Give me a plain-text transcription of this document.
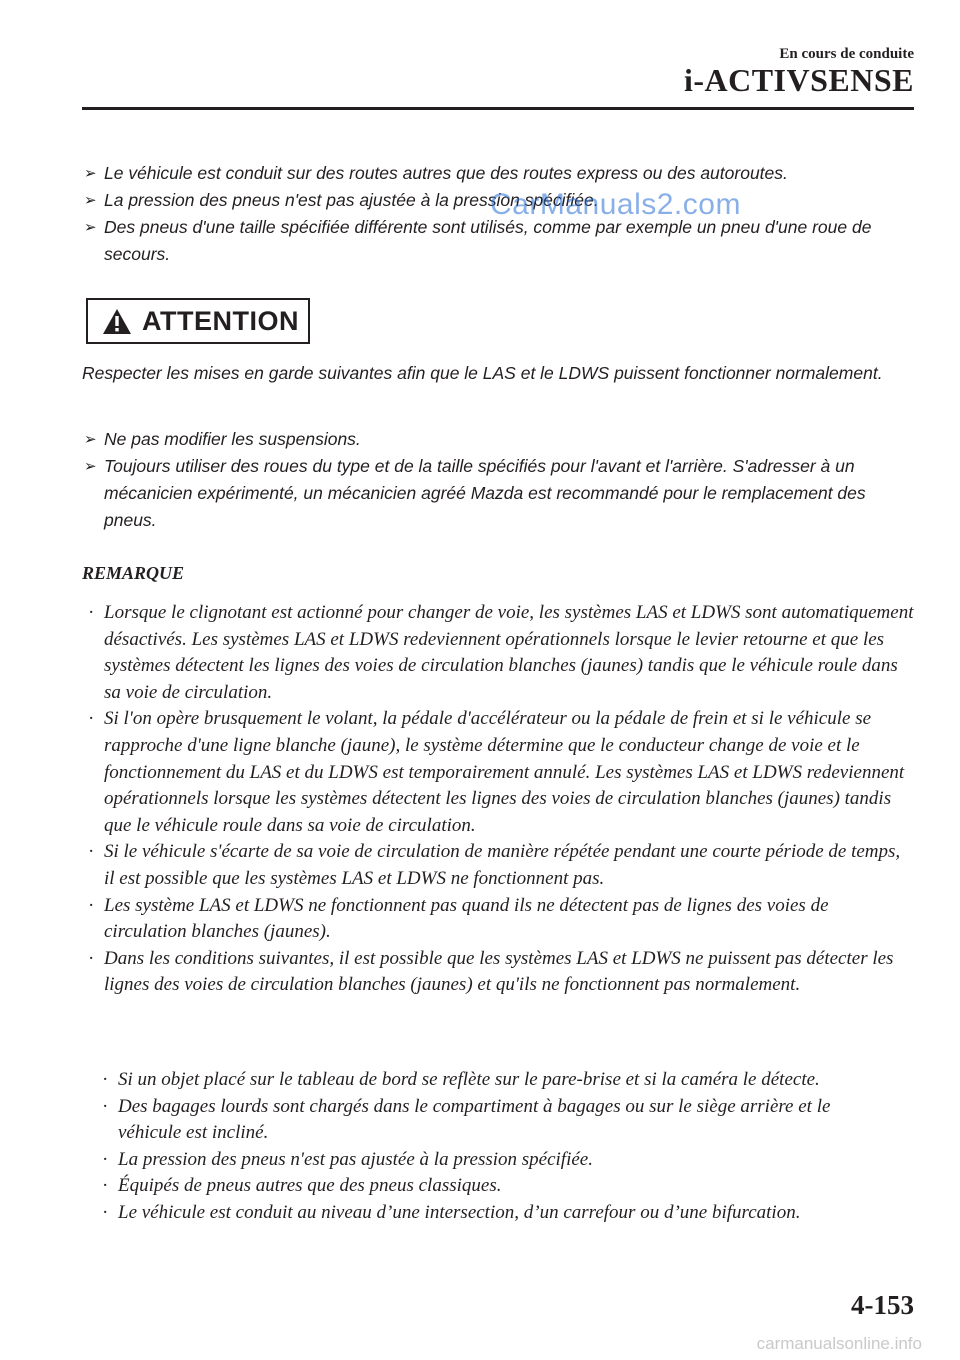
En cours de conduite
i-ACTIVSENSE
➢ Le véhicule est conduit sur des routes autres que des routes express ou des autoroutes.
➢ La pression des pneus n'est pas ajustée à la pression spécifiée.
➢ Des pneus d'une taille spécifiée différente sont utilisés, comme par exemple un pneu d'une roue de secours.
ATTENTION

Respecter les mises en garde suivantes afin que le LAS et le LDWS puissent fonctionner normalement.

➢ Ne pas modifier les suspensions.
➢ Toujours utiliser des roues du type et de la taille spécifiés pour l'avant et l'arrière. S'adresser à un mécanicien expérimenté, un mécanicien agréé Mazda est recommandé pour le remplacement des pneus.
REMARQUE
· Lorsque le clignotant est actionné pour changer de voie, les systèmes LAS et LDWS sont automatiquement désactivés. Les systèmes LAS et LDWS redeviennent opérationnels lorsque le levier retourne et que les systèmes détectent les lignes des voies de circulation blanches (jaunes) tandis que le véhicule roule dans sa voie de circulation.
· Si l'on opère brusquement le volant, la pédale d'accélérateur ou la pédale de frein et si le véhicule se rapproche d'une ligne blanche (jaune), le système détermine que le conducteur change de voie et le fonctionnement du LAS et du LDWS est temporairement annulé. Les systèmes LAS et LDWS redeviennent opérationnels lorsque les systèmes détectent les lignes des voies de circulation blanches (jaunes) tandis que le véhicule roule dans sa voie de circulation.
· Si le véhicule s'écarte de sa voie de circulation de manière répétée pendant une courte période de temps, il est possible que les systèmes LAS et LDWS ne fonctionnent pas.
· Les système LAS et LDWS ne fonctionnent pas quand ils ne détectent pas de lignes des voies de circulation blanches (jaunes).
· Dans les conditions suivantes, il est possible que les systèmes LAS et LDWS ne puissent pas détecter les lignes des voies de circulation blanches (jaunes) et qu'ils ne fonctionnent pas normalement.
· Si un objet placé sur le tableau de bord se reflète sur le pare-brise et si la caméra le détecte.
· Des bagages lourds sont chargés dans le compartiment à bagages ou sur le siège arrière et le véhicule est incliné.
· La pression des pneus n'est pas ajustée à la pression spécifiée.
· Équipés de pneus autres que des pneus classiques.
· Le véhicule est conduit au niveau d’une intersection, d’un carrefour ou d’une bifurcation.
CarManuals2.com
4-153
carmanualsonline.info
